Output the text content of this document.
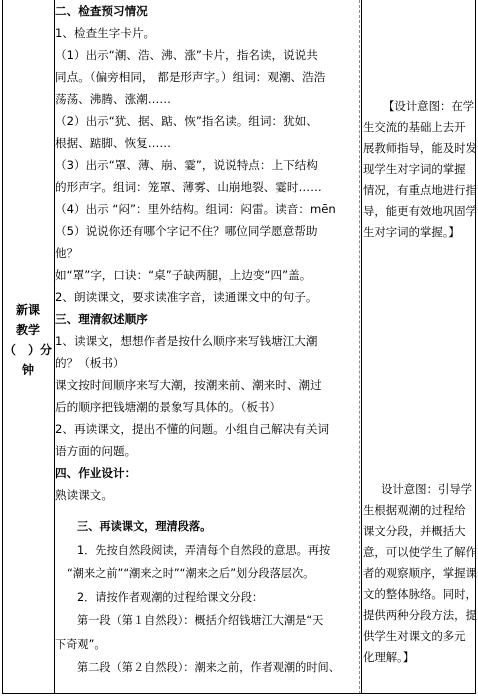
新课
教学
（　）分
钟
二、检查预习情况
1、检查生字卡片。
（1）出示“潮、浩、沸、涨”卡片，指名读，说说共
同点。（偏旁相同， 都是形声字。）组词：观潮、浩浩
荡荡、沸腾、涨潮……
（2）出示“犹、据、踮、恢”指名读。组词：犹如、
根据、踮脚、恢复……
（3）出示“罩、薄、崩、霎”，说说特点：上下结构
的形声字。组词：笼罩、薄雾、山崩地裂、霎时……
（4）出示 “闷”：里外结构。组词：闷雷。读音：mēn
（5）说说你还有哪个字记不住？哪位同学愿意帮助
他？
如“罩”字，口诀：“桌”子缺两腿，上边变“四”盖。
2、朗读课文，要求读准字音，读通课文中的句子。
三、理清叙述顺序
1、读课文，想想作者是按什么顺序来写钱塘江大潮
的？（板书）
课文按时间顺序来写大潮，按潮来前、潮来时、潮过
后的顺序把钱塘潮的景象写具体的。（板书）
2、再读课文，提出不懂的问题。小组自己解决有关词
语方面的问题。
四、作业设计：
熟读课文。
三、再读课文，理清段落。
1．先按自然段阅读，弄清每个自然段的意思。再按
“潮来之前”“潮来之时”“潮来之后”划分段落层次。
2．请按作者观潮的过程给课文分段：
第一段（第１自然段）：概括介绍钱塘江大潮是“天
下奇观”。
第二段（第２自然段）：潮来之前，作者观潮的时间、
【设计意图：在学
生交流的基础上去开
展教师指导，能及时发
现学生对字词的掌握
情况，有重点地进行指
导，能更有效地巩固学
生对字词的掌握。】
设计意图：引导学
生根据观潮的过程给
课文分段，并概括大
意，可以使学生了解作
者的观察顺序，掌握课
文的整体脉络。同时，
提供两种分段方法，提
供学生对课文的多元
化理解。】
